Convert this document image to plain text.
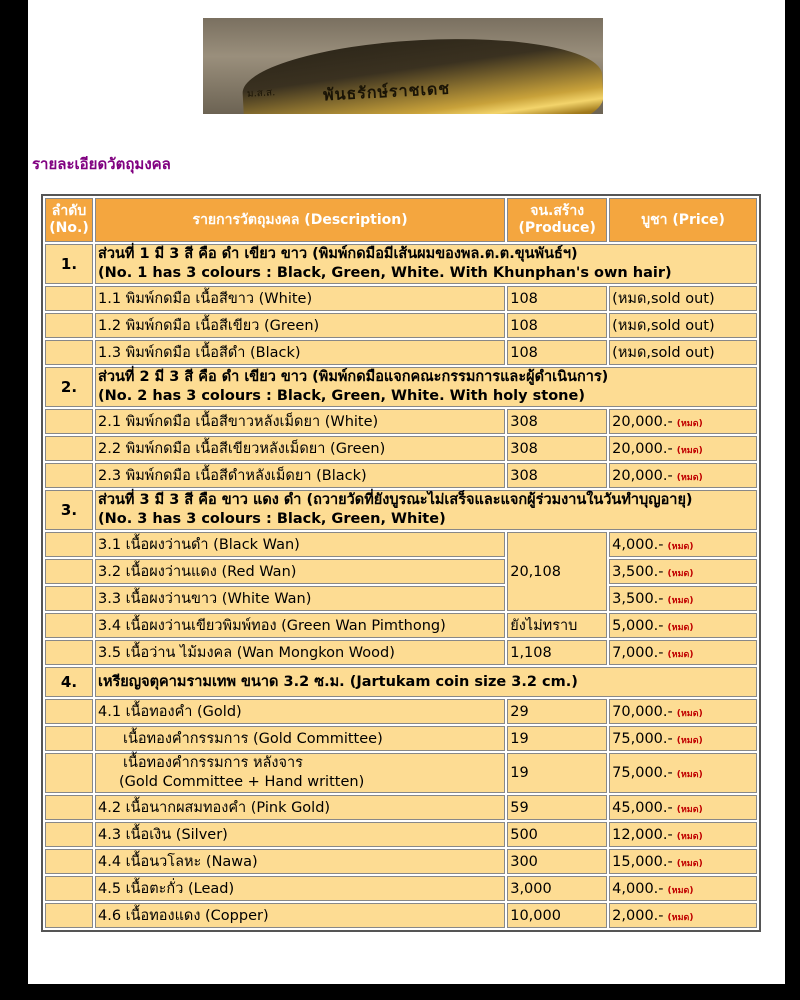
ม.ส.ส.	พันธรักษ์ราชเดช
รายละเอียดวัตถุมงคล
ลำดับ (No.)	รายการวัตถุมงคล (Description)	จน.สร้าง (Produce)	บูชา (Price)
1.	ส่วนที่ 1 มี 3 สี คือ ดำ เขียว ขาว (พิมพ์กดมือมีเส้นผมของพล.ต.ต.ขุนพันธ์ฯ)
(No. 1 has 3 colours : Black, Green, White. With Khunphan's own hair)		

	1.1 พิมพ์กดมือ เนื้อสีขาว (White)	108	(หมด,sold out)
	1.2 พิมพ์กดมือ เนื้อสีเขียว (Green)	108	(หมด,sold out)
	1.3 พิมพ์กดมือ เนื้อสีดำ (Black)	108	(หมด,sold out)
2.	ส่วนที่ 2 มี 3 สี คือ ดำ เขียว ขาว (พิมพ์กดมือแจกคณะกรรมการและผู้ดำเนินการ)
(No. 2 has 3 colours : Black, Green, White. With holy stone)		

	2.1 พิมพ์กดมือ เนื้อสีขาวหลังเม็ดยา (White)	308	20,000.- (หมด)
	2.2 พิมพ์กดมือ เนื้อสีเขียวหลังเม็ดยา (Green)	308	20,000.- (หมด)
	2.3 พิมพ์กดมือ เนื้อสีดำหลังเม็ดยา (Black)	308	20,000.- (หมด)
3.	ส่วนที่ 3 มี 3 สี คือ ขาว แดง ดำ (ถวายวัดที่ยังบูรณะไม่เสร็จและแจกผู้ร่วมงานในวันทำบุญอายุ)
(No. 3 has 3 colours : Black, Green, White)		

	3.1 เนื้อผงว่านดำ (Black Wan)	20,108	4,000.- (หมด)
	3.2 เนื้อผงว่านแดง (Red Wan)		3,500.- (หมด)
	3.3 เนื้อผงว่านขาว (White Wan)		3,500.- (หมด)
	3.4 เนื้อผงว่านเขียวพิมพ์ทอง (Green Wan Pimthong)	ยังไม่ทราบ	5,000.- (หมด)
	3.5 เนื้อว่าน ไม้มงคล (Wan Mongkon Wood)	1,108	7,000.- (หมด)
4.	เหรียญจตุคามรามเทพ ขนาด 3.2 ซ.ม. (Jartukam coin size 3.2 cm.)		
	4.1 เนื้อทองคำ (Gold)	29	70,000.- (หมด)
	เนื้อทองคำกรรมการ (Gold Committee)	19	75,000.- (หมด)

	เนื้อทองคำกรรมการ หลังจาร
(Gold Committee + Hand written)	19	75,000.- (หมด)
	4.2 เนื้อนากผสมทองคำ (Pink Gold)	59	45,000.- (หมด)
	4.3 เนื้อเงิน (Silver)	500	12,000.- (หมด)
	4.4 เนื้อนวโลหะ (Nawa)	300	15,000.- (หมด)
	4.5 เนื้อตะกั่ว (Lead)	3,000	4,000.- (หมด)
	4.6 เนื้อทองแดง (Copper)	10,000	2,000.- (หมด)
